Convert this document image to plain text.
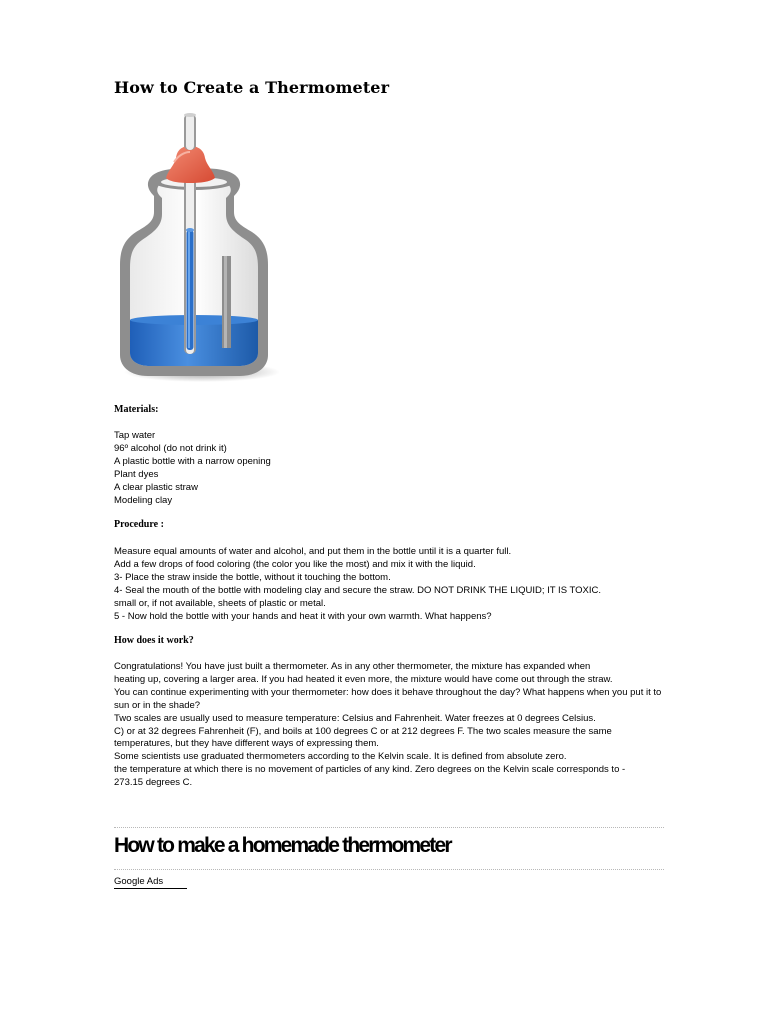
How to Create a Thermometer
Materials:
Tap water
96º alcohol (do not drink it)
A plastic bottle with a narrow opening
Plant dyes
A clear plastic straw
Modeling clay
Procedure :
Measure equal amounts of water and alcohol, and put them in the bottle until it is a quarter full.
Add a few drops of food coloring (the color you like the most) and mix it with the liquid.
3- Place the straw inside the bottle, without it touching the bottom.
4- Seal the mouth of the bottle with modeling clay and secure the straw. DO NOT DRINK THE LIQUID; IT IS TOXIC.
small or, if not available, sheets of plastic or metal.
5 - Now hold the bottle with your hands and heat it with your own warmth. What happens?
How does it work?
Congratulations! You have just built a thermometer. As in any other thermometer, the mixture has expanded when
heating up, covering a larger area. If you had heated it even more, the mixture would have come out through the straw.
You can continue experimenting with your thermometer: how does it behave throughout the day? What happens when you put it to
sun or in the shade?
Two scales are usually used to measure temperature: Celsius and Fahrenheit. Water freezes at 0 degrees Celsius.
C) or at 32 degrees Fahrenheit (F), and boils at 100 degrees C or at 212 degrees F. The two scales measure the same
temperatures, but they have different ways of expressing them.
Some scientists use graduated thermometers according to the Kelvin scale. It is defined from absolute zero.
the temperature at which there is no movement of particles of any kind. Zero degrees on the Kelvin scale corresponds to -
273.15 degrees C.
How to make a homemade thermometer
Google Ads
